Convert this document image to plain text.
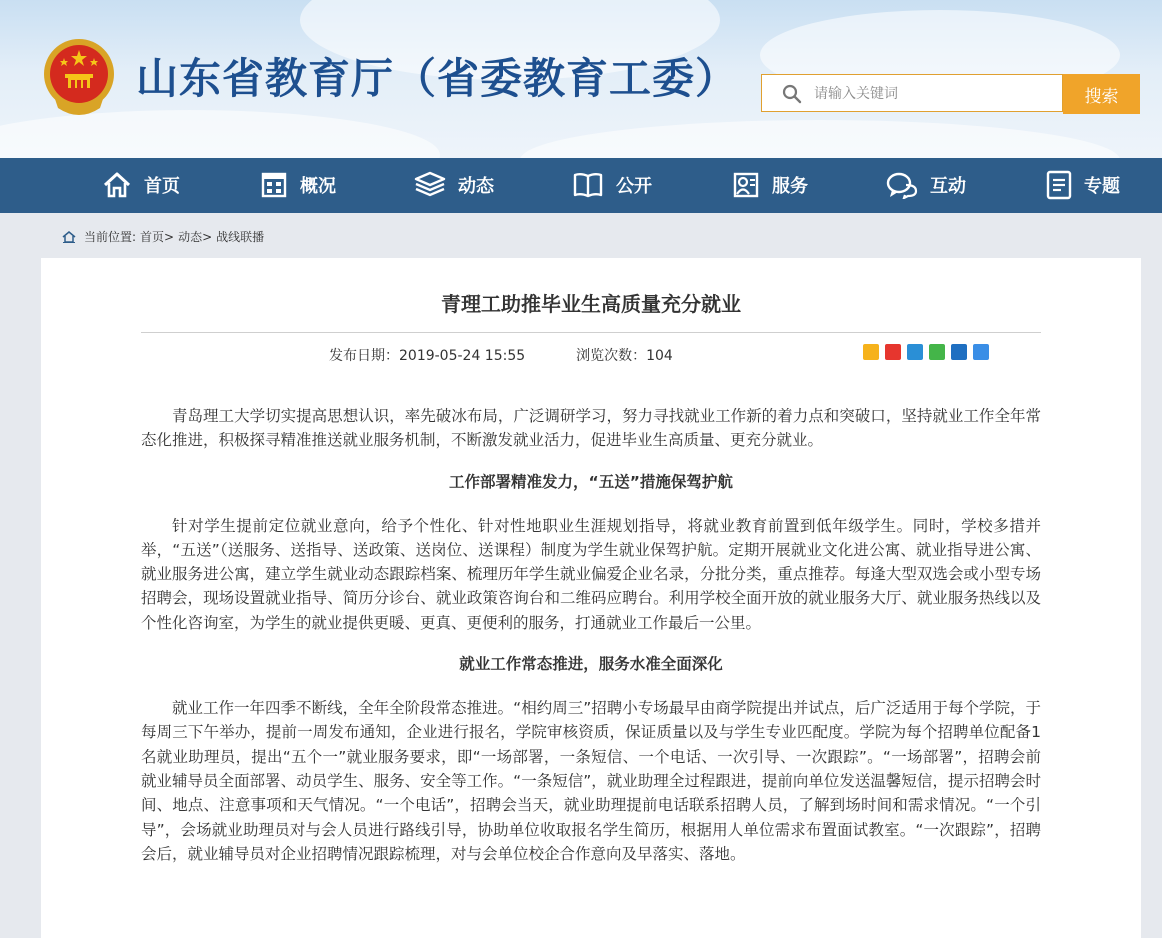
山东省教育厅（省委教育工委）
请输入关键词	搜索
首页	概况	动态	公开	服务	互动	专题
当前位置: 首页> 动态> 战线联播
青理工助推毕业生高质量充分就业
发布日期：2019-05-24 15:55	浏览次数：104

青岛理工大学切实提高思想认识，率先破冰布局，广泛调研学习，努力寻找就业工作新的着力点和突破口，坚持就业工作全年常态化推进，积极探寻精准推送就业服务机制，不断激发就业活力，促进毕业生高质量、更充分就业。

工作部署精准发力，“五送”措施保驾护航

针对学生提前定位就业意向，给予个性化、针对性地职业生涯规划指导，将就业教育前置到低年级学生。同时，学校多措并举，“五送”（送服务、送指导、送政策、送岗位、送课程）制度为学生就业保驾护航。定期开展就业文化进公寓、就业指导进公寓、就业服务进公寓，建立学生就业动态跟踪档案、梳理历年学生就业偏爱企业名录，分批分类，重点推荐。每逢大型双选会或小型专场招聘会，现场设置就业指导、简历分诊台、就业政策咨询台和二维码应聘台。利用学校全面开放的就业服务大厅、就业服务热线以及个性化咨询室，为学生的就业提供更暖、更真、更便利的服务，打通就业工作最后一公里。

就业工作常态推进，服务水准全面深化

就业工作一年四季不断线，全年全阶段常态推进。“相约周三”招聘小专场最早由商学院提出并试点，后广泛适用于每个学院，于每周三下午举办，提前一周发布通知，企业进行报名，学院审核资质，保证质量以及与学生专业匹配度。学院为每个招聘单位配备1名就业助理员，提出“五个一”就业服务要求，即“一场部署，一条短信、一个电话、一次引导、一次跟踪”。“一场部署”，招聘会前就业辅导员全面部署、动员学生、服务、安全等工作。“一条短信”，就业助理全过程跟进，提前向单位发送温馨短信，提示招聘会时间、地点、注意事项和天气情况。“一个电话”，招聘会当天，就业助理提前电话联系招聘人员，了解到场时间和需求情况。“一个引导”，会场就业助理员对与会人员进行路线引导，协助单位收取报名学生简历，根据用人单位需求布置面试教室。“一次跟踪”，招聘会后，就业辅导员对企业招聘情况跟踪梳理，对与会单位校企合作意向及早落实、落地。
